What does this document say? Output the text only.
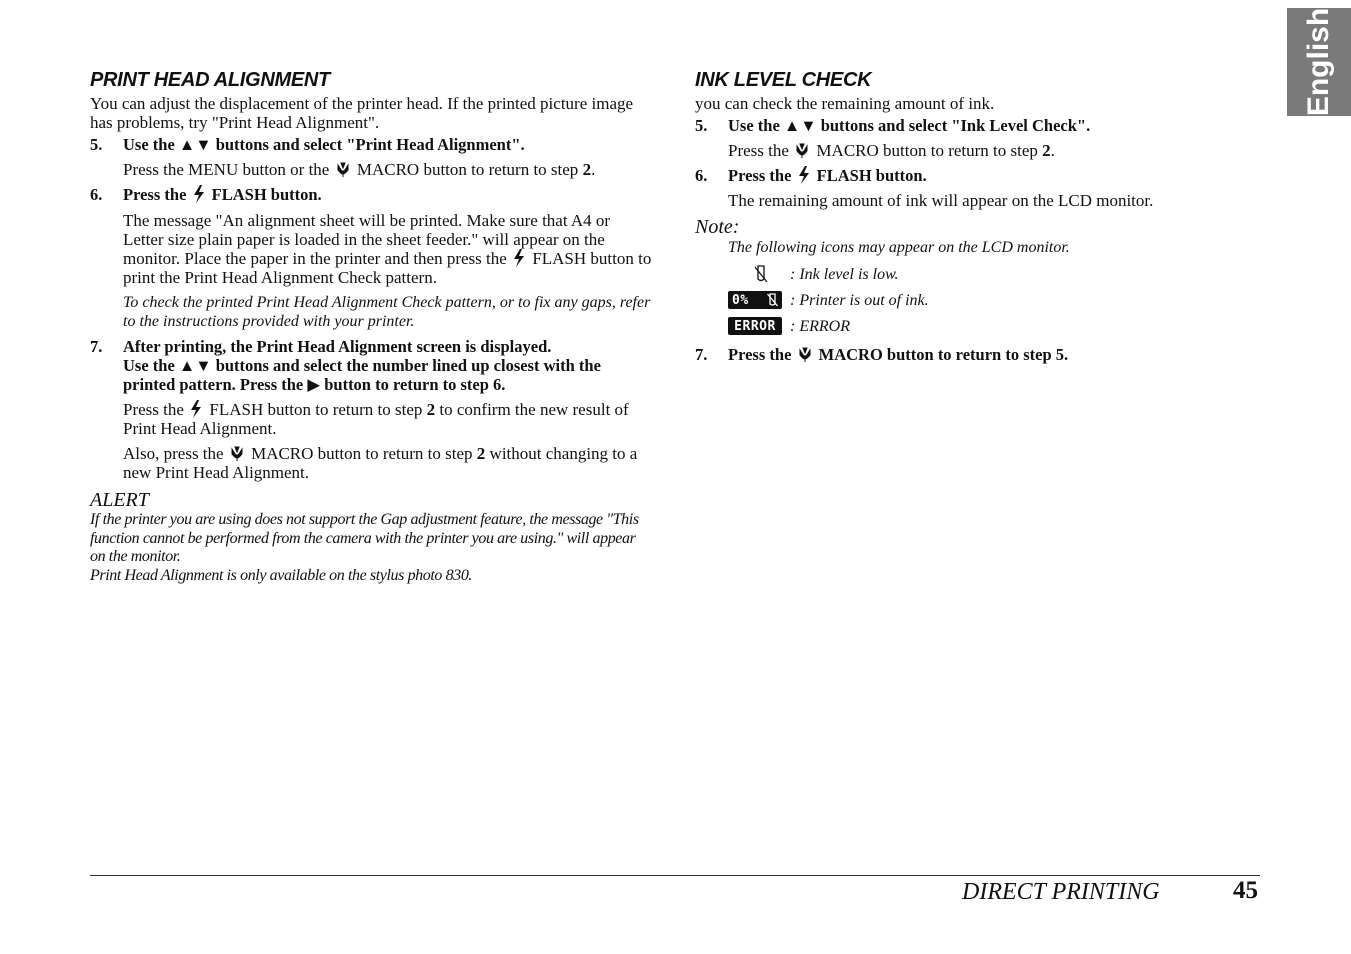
English
PRINT HEAD ALIGNMENT

You can adjust the displacement of the printer head. If the printed picture image has problems, try "Print Head Alignment".

5.	Use the ▲▼ buttons and select "Print Head Alignment".

Press the MENU button or the  MACRO button to return to step 2.

6.	Press the  FLASH button.

The message "An alignment sheet will be printed. Make sure that A4 or Letter size plain paper is loaded in the sheet feeder." will appear on the monitor. Place the paper in the printer and then press the  FLASH button to print the Print Head Alignment Check pattern.

To check the printed Print Head Alignment Check pattern, or to fix any gaps, refer to the instructions provided with your printer.

7.	After printing, the Print Head Alignment screen is displayed.
Use the ▲▼ buttons and select the number lined up closest with the printed pattern. Press the ▶ button to return to step 6.

Press the  FLASH button to return to step 2 to confirm the new result of Print Head Alignment.

Also, press the  MACRO button to return to step 2 without changing to a new Print Head Alignment.

ALERT

If the printer you are using does not support the Gap adjustment feature, the message "This function cannot be performed from the camera with the printer you are using." will appear on the monitor.

Print Head Alignment is only available on the stylus photo 830.

INK LEVEL CHECK

you can check the remaining amount of ink.

5.	Use the ▲▼ buttons and select "Ink Level Check".

Press the  MACRO button to return to step 2.

6.	Press the  FLASH button.

The remaining amount of ink will appear on the LCD monitor.

Note:

The following icons may appear on the LCD monitor.

: Ink level is low.
0%	: Printer is out of ink.
ERROR : ERROR
7.	Press the  MACRO button to return to step 5.
DIRECT PRINTING	45
